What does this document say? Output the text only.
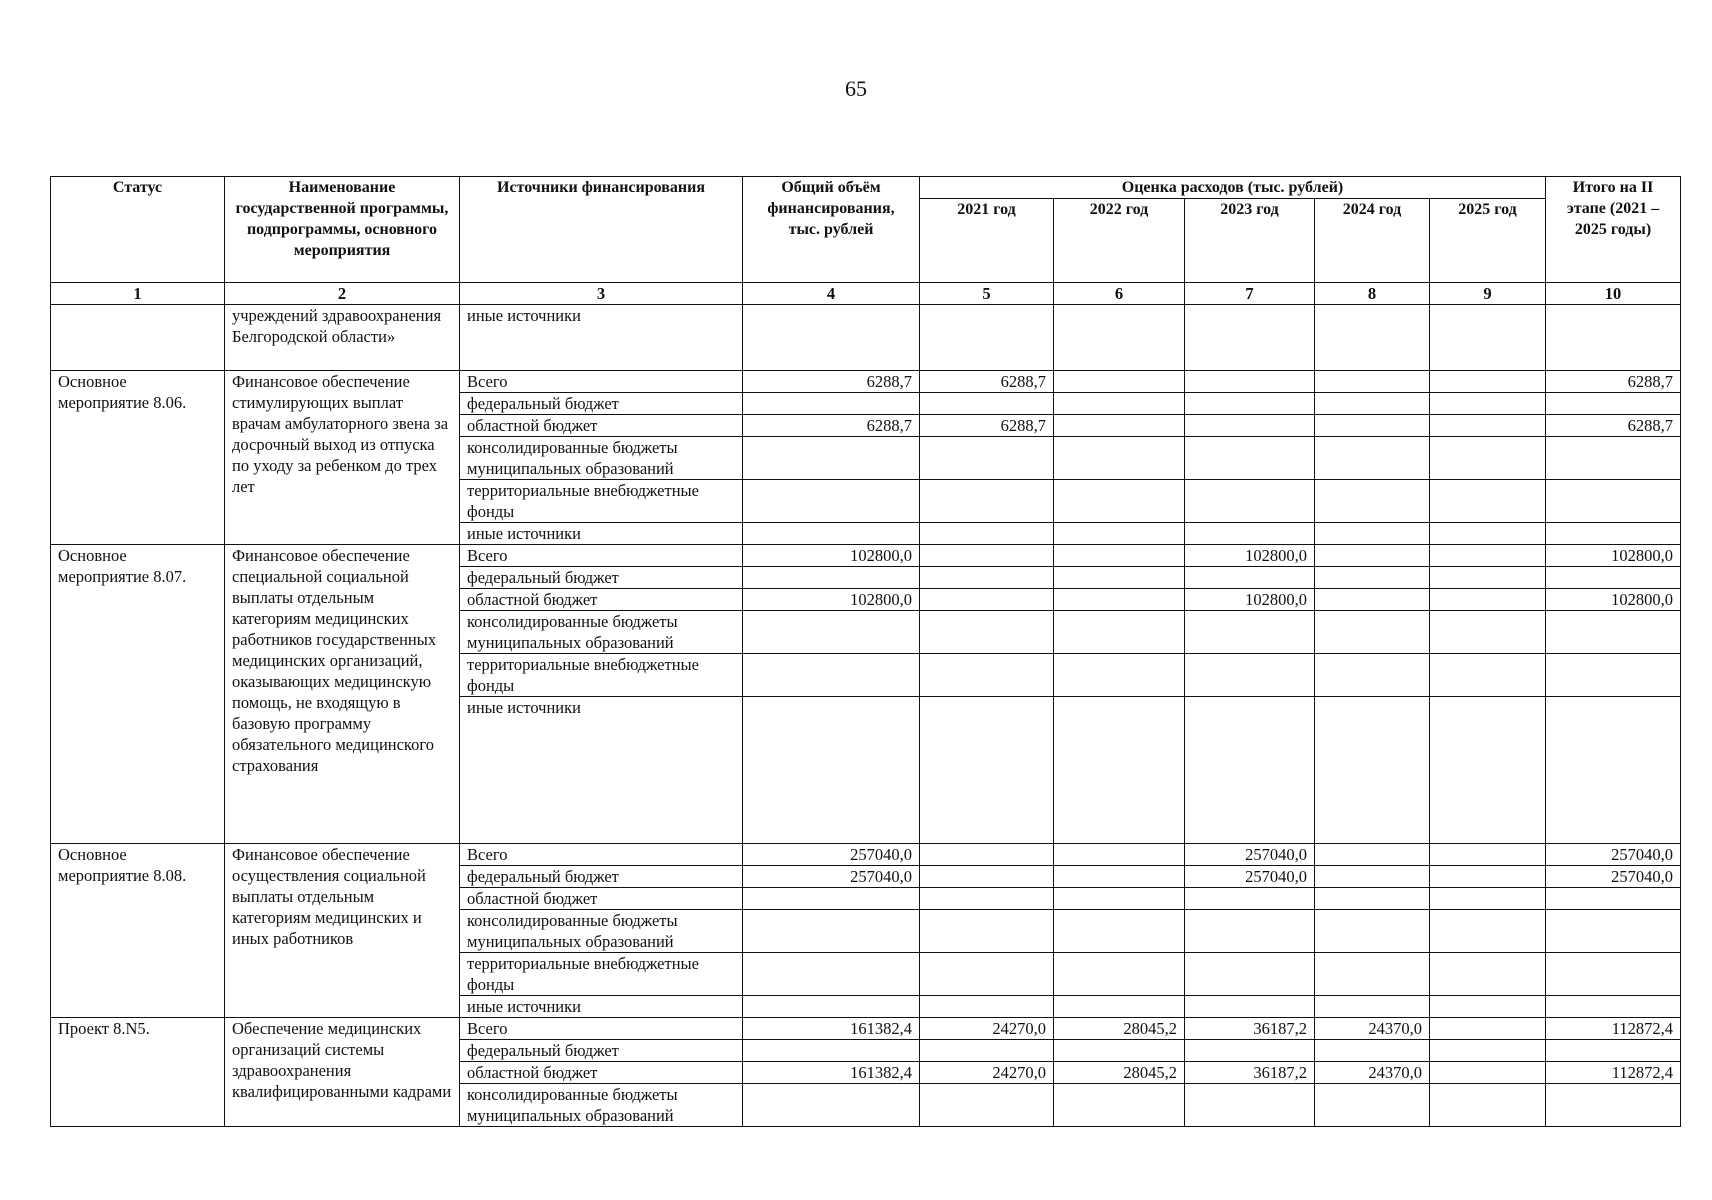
65
Статус	Наименование государственной программы, подпрограммы, основного мероприятия	Источники финансирования	Общий объём финансирования, тыс. рублей	Оценка расходов (тыс. рублей)					Итого на II этапе (2021 – 2025 годы)
				2021 год	2022 год	2023 год	2024 год	2025 год	
1	2	3	4	5	6	7	8	9	10
	учреждений здравоохранения Белгородской области»	иные источники							
Основное мероприятие 8.06.	Финансовое обеспечение стимулирующих выплат врачам амбулаторного звена за досрочный выход из отпуска по уходу за ребенком до трех лет	Всего	6288,7	6288,7					6288,7
		федеральный бюджет							
		областной бюджет	6288,7	6288,7					6288,7
		консолидированные бюджеты муниципальных образований							
		территориальные внебюджетные фонды							
		иные источники							
Основное мероприятие 8.07.	Финансовое обеспечение специальной социальной выплаты отдельным категориям медицинских работников государственных медицинских организаций, оказывающих медицинскую помощь, не входящую в базовую программу обязательного медицинского страхования	Всего	102800,0			102800,0			102800,0
		федеральный бюджет							
		областной бюджет	102800,0			102800,0			102800,0
		консолидированные бюджеты муниципальных образований							
		территориальные внебюджетные фонды							
		иные источники							
Основное мероприятие 8.08.	Финансовое обеспечение осуществления социальной выплаты отдельным категориям медицинских и иных работников	Всего	257040,0			257040,0			257040,0
		федеральный бюджет	257040,0			257040,0			257040,0
		областной бюджет							
		консолидированные бюджеты муниципальных образований							
		территориальные внебюджетные фонды							
		иные источники							
Проект 8.N5.	Обеспечение медицинских организаций системы здравоохранения квалифицированными кадрами	Всего	161382,4	24270,0	28045,2	36187,2	24370,0		112872,4
		федеральный бюджет							
		областной бюджет	161382,4	24270,0	28045,2	36187,2	24370,0		112872,4
		консолидированные бюджеты муниципальных образований							
